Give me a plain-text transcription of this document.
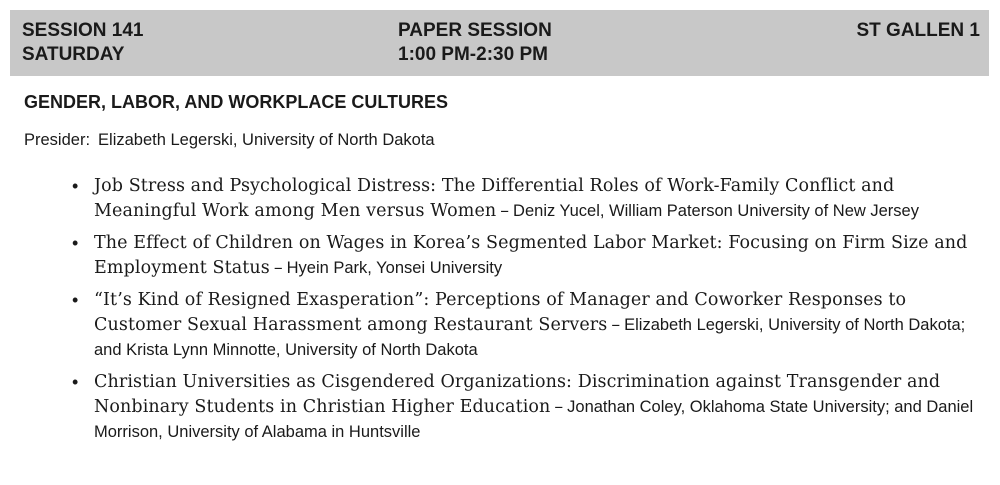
SESSION 141
SATURDAY
PAPER SESSION
1:00 PM-2:30 PM
ST GALLEN 1
GENDER, LABOR, AND WORKPLACE CULTURES
Presider: Elizabeth Legerski, University of North Dakota
• Job Stress and Psychological Distress: The Differential Roles of Work-Family Conflict and Meaningful Work among Men versus Women – Deniz Yucel, William Paterson University of New Jersey
• The Effect of Children on Wages in Korea’s Segmented Labor Market: Focusing on Firm Size and Employment Status – Hyein Park, Yonsei University
• “It’s Kind of Resigned Exasperation”: Perceptions of Manager and Coworker Responses to Customer Sexual Harassment among Restaurant Servers – Elizabeth Legerski, University of North Dakota; and Krista Lynn Minnotte, University of North Dakota
• Christian Universities as Cisgendered Organizations: Discrimination against Transgender and Nonbinary Students in Christian Higher Education – Jonathan Coley, Oklahoma State University; and Daniel Morrison, University of Alabama in Huntsville
